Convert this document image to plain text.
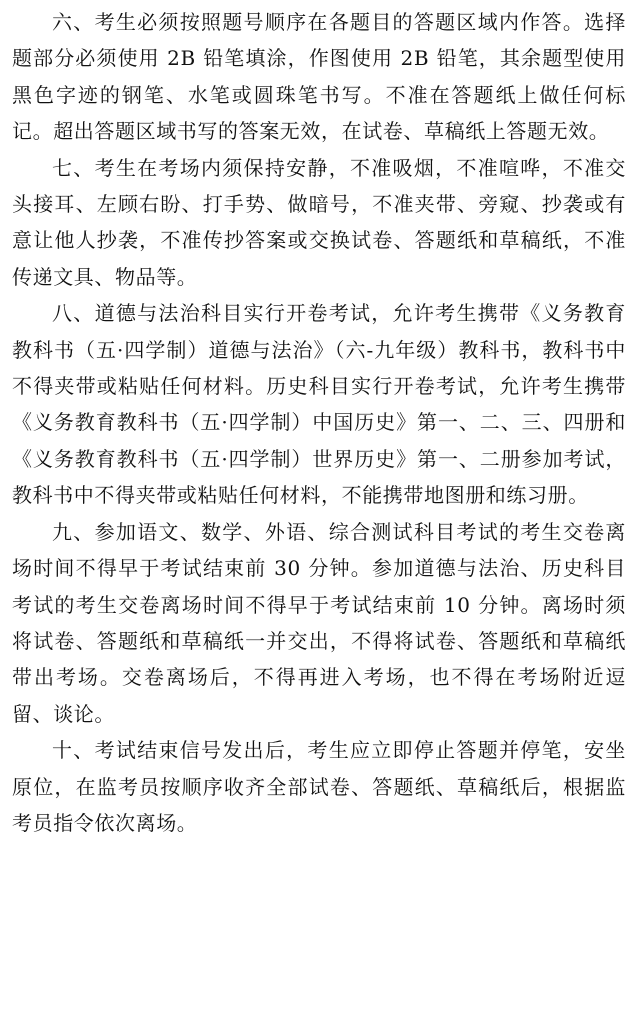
六、考生必须按照题号顺序在各题目的答题区域内作答。选择题部分必须使用 2B 铅笔填涂，作图使用 2B 铅笔，其余题型使用黑色字迹的钢笔、水笔或圆珠笔书写。不准在答题纸上做任何标记。超出答题区域书写的答案无效，在试卷、草稿纸上答题无效。

七、考生在考场内须保持安静，不准吸烟，不准喧哗，不准交头接耳、左顾右盼、打手势、做暗号，不准夹带、旁窥、抄袭或有意让他人抄袭，不准传抄答案或交换试卷、答题纸和草稿纸，不准传递文具、物品等。

八、道德与法治科目实行开卷考试，允许考生携带《义务教育教科书（五·四学制）道德与法治》（六-九年级）教科书，教科书中不得夹带或粘贴任何材料。历史科目实行开卷考试，允许考生携带《义务教育教科书（五·四学制）中国历史》第一、二、三、四册和《义务教育教科书（五·四学制）世界历史》第一、二册参加考试，教科书中不得夹带或粘贴任何材料，不能携带地图册和练习册。

九、参加语文、数学、外语、综合测试科目考试的考生交卷离场时间不得早于考试结束前 30 分钟。参加道德与法治、历史科目考试的考生交卷离场时间不得早于考试结束前 10 分钟。离场时须将试卷、答题纸和草稿纸一并交出，不得将试卷、答题纸和草稿纸带出考场。交卷离场后，不得再进入考场，也不得在考场附近逗留、谈论。

十、考试结束信号发出后，考生应立即停止答题并停笔，安坐原位，在监考员按顺序收齐全部试卷、答题纸、草稿纸后，根据监考员指令依次离场。
